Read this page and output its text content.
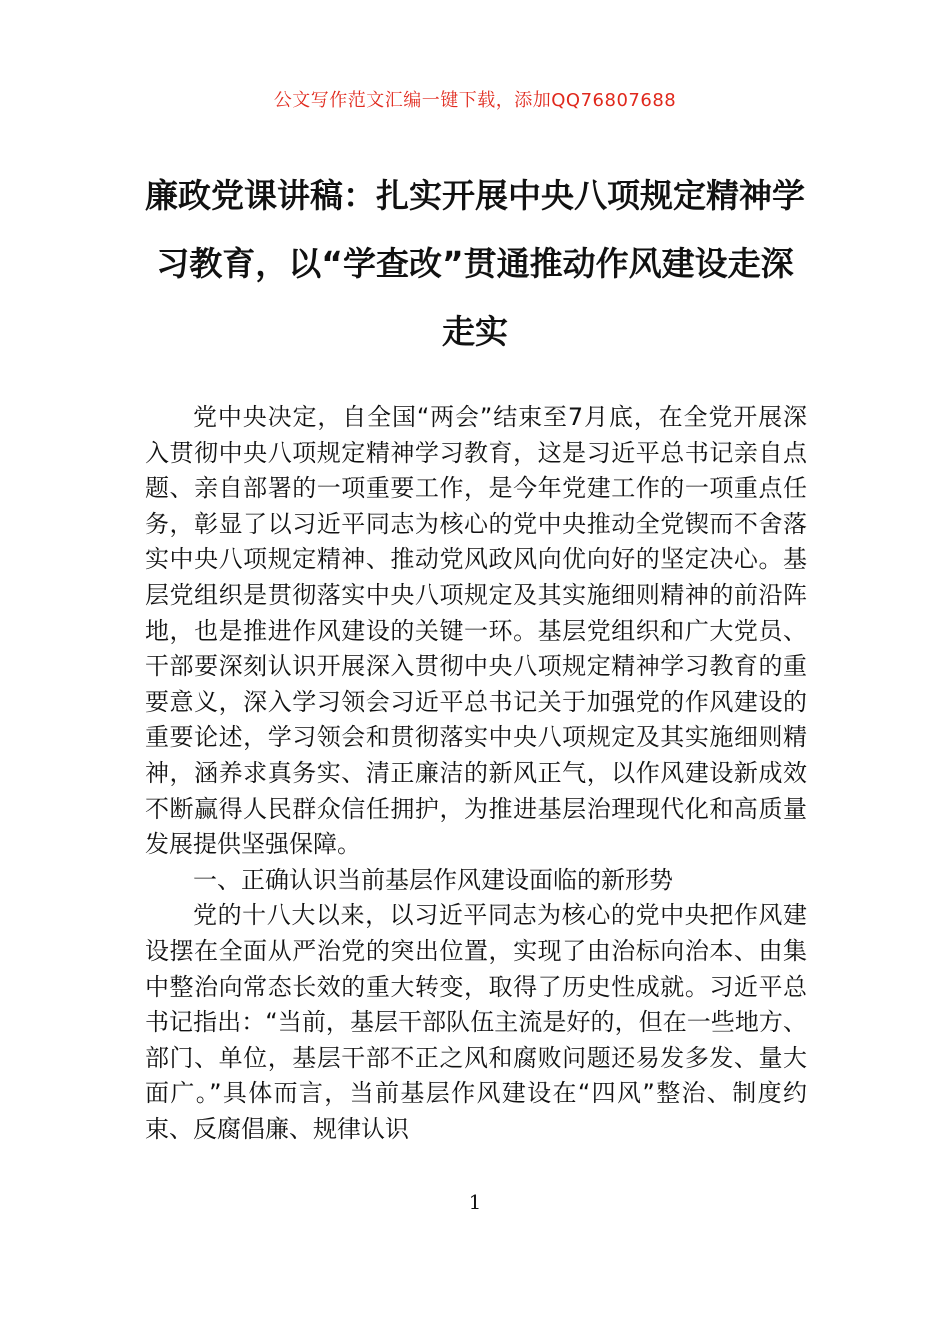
公文写作范文汇编一键下载，添加QQ76807688
廉政党课讲稿：扎实开展中央八项规定精神学习教育，以“学查改”贯通推动作风建设走深走实

党中央决定，自全国“两会”结束至7月底，在全党开展深入贯彻中央八项规定精神学习教育，这是习近平总书记亲自点题、亲自部署的一项重要工作，是今年党建工作的一项重点任务，彰显了以习近平同志为核心的党中央推动全党锲而不舍落实中央八项规定精神、推动党风政风向优向好的坚定决心。基层党组织是贯彻落实中央八项规定及其实施细则精神的前沿阵地，也是推进作风建设的关键一环。基层党组织和广大党员、干部要深刻认识开展深入贯彻中央八项规定精神学习教育的重要意义，深入学习领会习近平总书记关于加强党的作风建设的重要论述，学习领会和贯彻落实中央八项规定及其实施细则精神，涵养求真务实、清正廉洁的新风正气，以作风建设新成效不断赢得人民群众信任拥护，为推进基层治理现代化和高质量发展提供坚强保障。

一、正确认识当前基层作风建设面临的新形势

党的十八大以来，以习近平同志为核心的党中央把作风建设摆在全面从严治党的突出位置，实现了由治标向治本、由集中整治向常态长效的重大转变，取得了历史性成就。习近平总书记指出：“当前，基层干部队伍主流是好的，但在一些地方、部门、单位，基层干部不正之风和腐败问题还易发多发、量大面广。”具体而言，当前基层作风建设在“四风”整治、制度约束、反腐倡廉、规律认识

1
